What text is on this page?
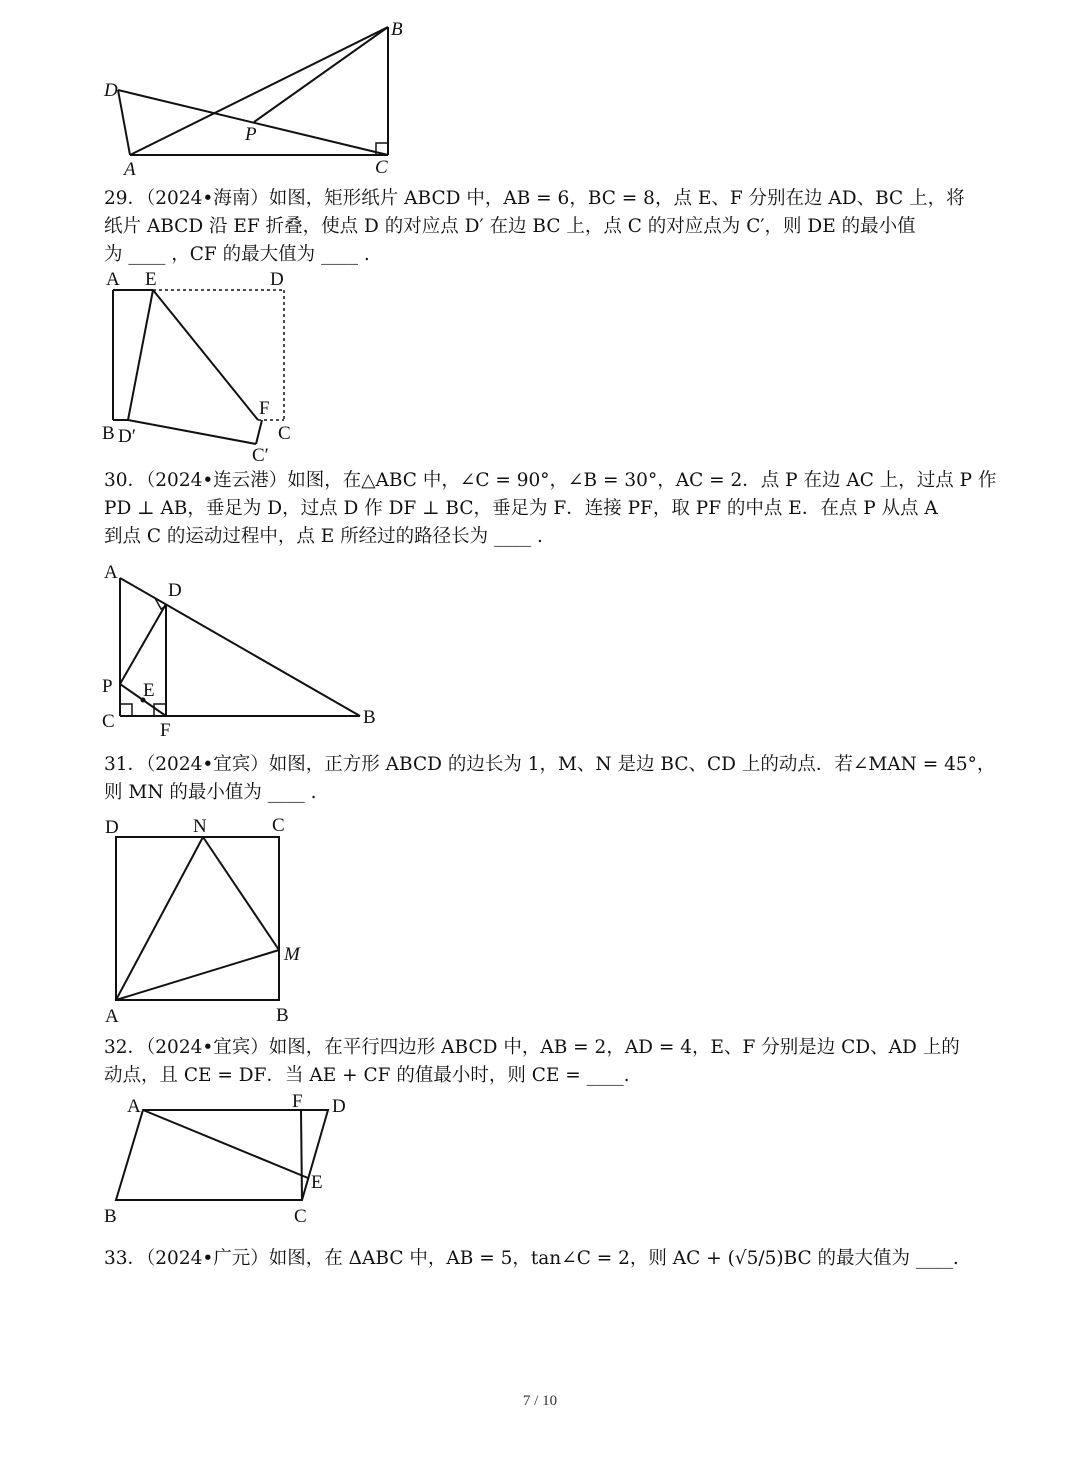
B
D
P
A	C
29．（2024•海南）如图，矩形纸片 ABCD 中，AB = 6，BC = 8，点 E、F 分别在边 AD、BC 上，将
纸片 ABCD 沿 EF 折叠，使点 D 的对应点 D′ 在边 BC 上，点 C 的对应点为 C′，则 DE 的最小值
为 ____ ，CF 的最大值为 ____ .
A E	D
F
B D′	C
C′
30．（2024•连云港）如图，在△ABC 中，∠C = 90°，∠B = 30°，AC = 2．点 P 在边 AC 上，过点 P 作
PD ⊥ AB，垂足为 D，过点 D 作 DF ⊥ BC，垂足为 F．连接 PF，取 PF 的中点 E．在点 P 从点 A
到点 C 的运动过程中，点 E 所经过的路径长为 ____ .
A
D
P E
C F
B
31．（2024•宜宾）如图，正方形 ABCD 的边长为 1，M、N 是边 BC、CD 上的动点．若∠MAN = 45°，
则 MN 的最小值为 ____ .
D	N	C
M
A	B
32．（2024•宜宾）如图，在平行四边形 ABCD 中，AB = 2，AD = 4，E、F 分别是边 CD、AD 上的
动点，且 CE = DF．当 AE + CF 的值最小时，则 CE = ____.
A	F D
E
B	C
33．（2024•广元）如图，在 ΔABC 中，AB = 5，tan∠C = 2，则 AC + (√5/5)BC 的最大值为 ____.
7 / 10
